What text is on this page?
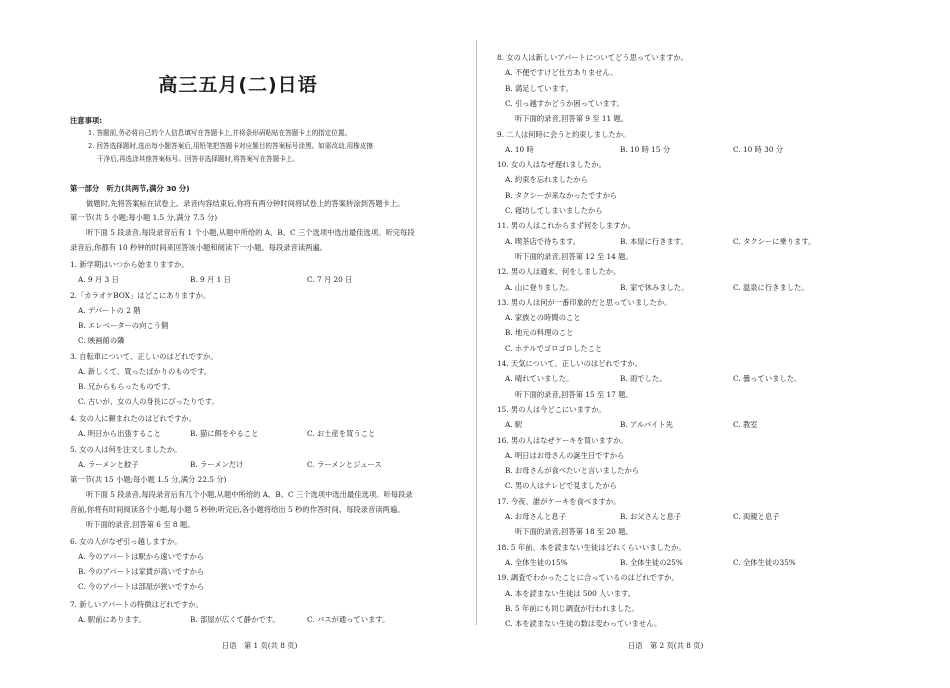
高三五月(二)日语
注意事项:
1. 答题前,务必将自己的个人信息填写在答题卡上,并将条形码粘贴在答题卡上的指定位置。
2. 回答选择题时,选出每小题答案后,用铅笔把答题卡对应题目的答案标号涂黑。如需改动,用橡皮擦
干净后,再选涂其他答案标号。回答非选择题时,将答案写在答题卡上。
第一部分　听力(共两节,满分 30 分)
做题时,先将答案标在试卷上。录音内容结束后,你将有两分钟时间将试卷上的答案转涂到答题卡上。
第一节(共 5 小题;每小题 1.5 分,满分 7.5 分)
听下面 5 段录音,每段录音后有 1 个小题,从题中所给的 A、B、C 三个选项中选出最佳选项。听完每段
录音后,你都有 10 秒钟的时间来回答该小题和阅读下一小题。每段录音读两遍。
1. 新学期はいつから始まりますか。
A. 9 月 3 日	B. 9 月 1 日	C. 7 月 20 日
2.「カラオケBOX」はどこにありますか。
A. デパートの 2 階
B. エレベーターの向こう側
C. 映画館の隣
3. 自転車について、正しいのはどれですか。
A. 新しくて、買ったばかりのものです。
B. 兄からもらったものです。
C. 古いが、女の人の身長にぴったりです。
4. 女の人に頼まれたのはどれですか。
A. 明日から出張すること	B. 猫に餌をやること	C. お土産を買うこと
5. 女の人は何を注文しましたか。
A. ラーメンと餃子	B. ラーメンだけ	C. ラーメンとジュース
第一节(共 15 小题;每小题 1.5 分,满分 22.5 分)
听下面 5 段录音,每段录音后有几个小题,从题中所给的 A、B、C 三个选项中选出最佳选项。听每段录
音前,你将有时间阅读各个小题,每小题 5 秒钟;听完后,各小题将给出 5 秒的作答时间。每段录音读两遍。
听下面的录音,回答第 6 至 8 题。
6. 女の人がなぜ引っ越しますか。
A. 今のアパートは駅から遠いですから
B. 今のアパートは家賃が高いですから
C. 今のアパートは部屋が狭いですから
7. 新しいアパートの特徴はどれですか。
A. 駅前にあります。	B. 部屋が広くて静かです。	C. バスが通っています。
日语　第 1 页(共 8 页)
8. 女の人は新しいアパートについてどう思っていますか。
A. 不便ですけど仕方ありません。
B. 満足しています。
C. 引っ越すかどうか困っています。
听下面的录音,回答第 9 至 11 题。
9. 二人は何時に会うと約束しましたか。
A. 10 時	B. 10 時 15 分	C. 10 時 30 分
10. 女の人はなぜ遅れましたか。
A. 約束を忘れましたから
B. タクシーが来なかったですから
C. 寝坊してしまいましたから
11. 男の人はこれからまず何をしますか。
A. 喫茶店で待ちます。	B. 本屋に行きます。	C. タクシーに乗ります。
听下面的录音,回答第 12 至 14 题。
12. 男の人は週末、何をしましたか。
A. 山に登りました。	B. 家で休みました。	C. 温泉に行きました。
13. 男の人は何が一番印象的だと思っていましたか。
A. 家族との時間のこと
B. 地元の料理のこと
C. ホテルでゴロゴロしたこと
14. 天気について、正しいのはどれですか。
A. 晴れていました。	B. 雨でした。	C. 曇っていました。
听下面的录音,回答第 15 至 17 题。
15. 男の人は今どこにいますか。
A. 駅	B. アルバイト先	C. 教室
16. 男の人はなぜケーキを買いますか。
A. 明日はお母さんの誕生日ですから
B. お母さんが食べたいと言いましたから
C. 男の人はテレビで見ましたから
17. 今夜、誰がケーキを食べますか。
A. お母さんと息子	B. お父さんと息子	C. 両親と息子
听下面的录音,回答第 18 至 20 题。
18. 5 年前、本を読まない生徒はどれくらいいましたか。
A. 全体生徒の15%	B. 全体生徒の25%	C. 全体生徒の35%
19. 調査でわかったことに合っているのはどれですか。
A. 本を読まない生徒は 500 人います。
B. 5 年前にも同じ調査が行われました。
C. 本を読まない生徒の数は変わっていません。
日语　第 2 页(共 8 页)
